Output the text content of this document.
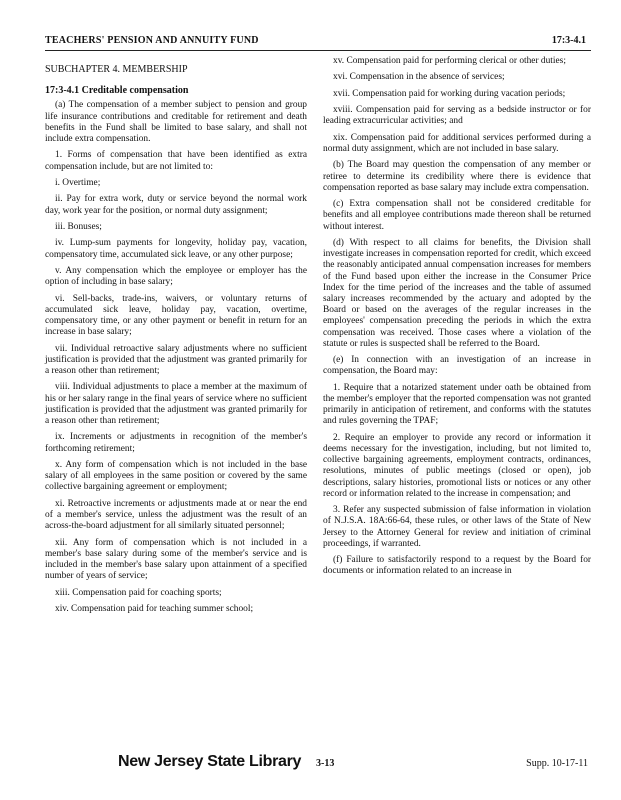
TEACHERS' PENSION AND ANNUITY FUND	17:3-4.1

SUBCHAPTER 4. MEMBERSHIP

17:3-4.1 Creditable compensation

(a) The compensation of a member subject to pension and group life insurance contributions and creditable for retirement and death benefits in the Fund shall be limited to base salary, and shall not include extra compensation.

1. Forms of compensation that have been identified as extra compensation include, but are not limited to:

i. Overtime;

ii. Pay for extra work, duty or service beyond the normal work day, work year for the position, or normal duty assignment;

iii. Bonuses;

iv. Lump-sum payments for longevity, holiday pay, vacation, compensatory time, accumulated sick leave, or any other purpose;

v. Any compensation which the employee or employer has the option of including in base salary;

vi. Sell-backs, trade-ins, waivers, or voluntary returns of accumulated sick leave, holiday pay, vacation, overtime, compensatory time, or any other payment or benefit in return for an increase in base salary;

vii. Individual retroactive salary adjustments where no sufficient justification is provided that the adjustment was granted primarily for a reason other than retirement;

viii. Individual adjustments to place a member at the maximum of his or her salary range in the final years of service where no sufficient justification is provided that the adjustment was granted primarily for a reason other than retirement;

ix. Increments or adjustments in recognition of the member's forthcoming retirement;

x. Any form of compensation which is not included in the base salary of all employees in the same position or covered by the same collective bargaining agreement or employment;

xi. Retroactive increments or adjustments made at or near the end of a member's service, unless the adjustment was the result of an across-the-board adjustment for all similarly situated personnel;

xii. Any form of compensation which is not included in a member's base salary during some of the member's service and is included in the member's base salary upon attainment of a specified number of years of service;

xiii. Compensation paid for coaching sports;

xiv. Compensation paid for teaching summer school;

xv. Compensation paid for performing clerical or other duties;

xvi. Compensation in the absence of services;

xvii. Compensation paid for working during vacation periods;

xviii. Compensation paid for serving as a bedside instructor or for leading extracurricular activities; and

xix. Compensation paid for additional services performed during a normal duty assignment, which are not included in base salary.

(b) The Board may question the compensation of any member or retiree to determine its credibility where there is evidence that compensation reported as base salary may include extra compensation.

(c) Extra compensation shall not be considered creditable for benefits and all employee contributions made thereon shall be returned without interest.

(d) With respect to all claims for benefits, the Division shall investigate increases in compensation reported for credit, which exceed the reasonably anticipated annual compensation increases for members of the Fund based upon either the increase in the Consumer Price Index for the time period of the increases and the table of assumed salary increases recommended by the actuary and adopted by the Board or based on the averages of the regular increases in the employees' compensation preceding the periods in which the extra compensation was received. Those cases where a violation of the statute or rules is suspected shall be referred to the Board.

(e) In connection with an investigation of an increase in compensation, the Board may:

1. Require that a notarized statement under oath be obtained from the member's employer that the reported compensation was not granted primarily in anticipation of retirement, and conforms with the statutes and rules governing the TPAF;

2. Require an employer to provide any record or information it deems necessary for the investigation, including, but not limited to, collective bargaining agreements, employment contracts, ordinances, resolutions, minutes of public meetings (closed or open), job descriptions, salary histories, promotional lists or notices or any other record or information related to the increase in compensation; and

3. Refer any suspected submission of false information in violation of N.J.S.A. 18A:66-64, these rules, or other laws of the State of New Jersey to the Attorney General for review and initiation of criminal proceedings, if warranted.

(f) Failure to satisfactorily respond to a request by the Board for documents or information related to an increase in

New Jersey State Library 3-13	Supp. 10-17-11
